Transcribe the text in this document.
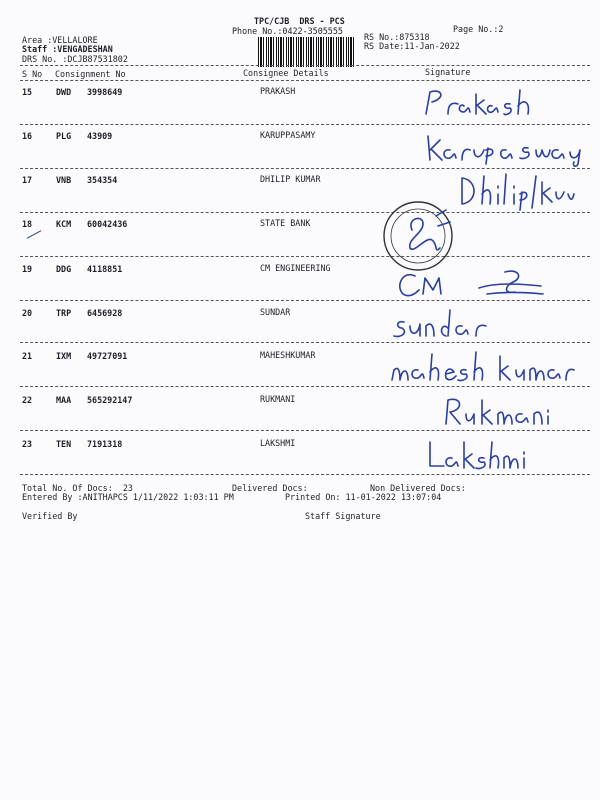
TPC/CJB  DRS - PCS
Phone No.:0422-3505555	Page No.:2
Area :VELLALORE
Staff :VENGADESHAN
DRS No. :DCJB87531802
RS No.:875318
RS Date:11-Jan-2022
S No Consignment No	Consignee Details	Signature
15	DWD 3998649	PRAKASH
16	PLG 43909	KARUPPASAMY
17	VNB 354354	DHILIP KUMAR
18	KCM 60042436	STATE BANK
19	DDG 4118851	CM ENGINEERING
20	TRP 6456928	SUNDAR
21	IXM 49727091	MAHESHKUMAR
22	MAA 565292147	RUKMANI
23	TEN 7191318	LAKSHMI
Total No. Of Docs:  23	Delivered Docs:	Non Delivered Docs:
Entered By :ANITHAPCS 1/11/2022 1:03:11 PM	Printed On: 11-01-2022 13:07:04
Verified By	Staff Signature
